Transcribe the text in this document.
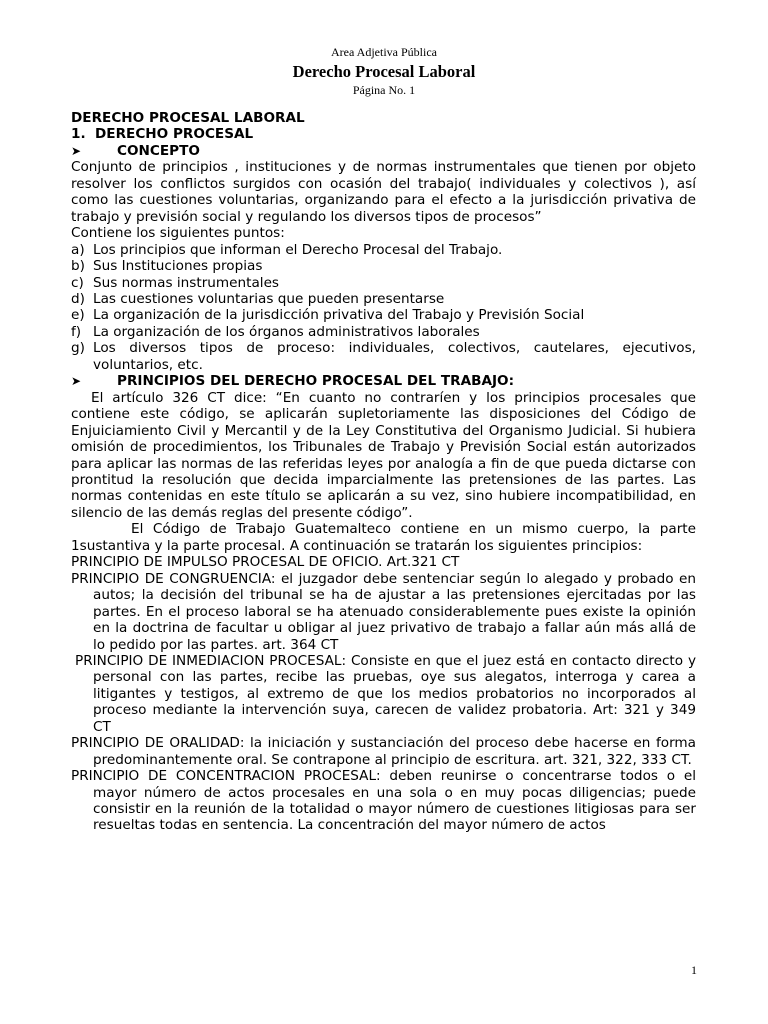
Area Adjetiva Pública
Derecho Procesal Laboral
Página No. 1

DERECHO PROCESAL LABORAL

1. DERECHO PROCESAL

➤	CONCEPTO

Conjunto de principios , instituciones y de normas instrumentales que tienen por objeto resolver los conflictos surgidos con ocasión del trabajo( individuales y colectivos ), así como las cuestiones voluntarias, organizando para el efecto a la jurisdicción privativa de trabajo y previsión social y regulando los diversos tipos de procesos”

Contiene los siguientes puntos:

a) Los principios que informan el Derecho Procesal del Trabajo.
b) Sus Instituciones propias
c) Sus normas instrumentales
d) Las cuestiones voluntarias que pueden presentarse
e) La organización de la jurisdicción privativa del Trabajo y Previsión Social
f) La organización de los órganos administrativos laborales
g) Los diversos tipos de proceso: individuales, colectivos, cautelares, ejecutivos, voluntarios, etc.

➤	PRINCIPIOS DEL DERECHO PROCESAL DEL TRABAJO:

El artículo 326 CT dice: “En cuanto no contraríen y los principios procesales que contiene este código, se aplicarán supletoriamente las disposiciones del Código de Enjuiciamiento Civil y Mercantil y de la Ley Constitutiva del Organismo Judicial. Si hubiera omisión de procedimientos, los Tribunales de Trabajo y Previsión Social están autorizados para aplicar las normas de las referidas leyes por analogía a fin de que pueda dictarse con prontitud la resolución que decida imparcialmente las pretensiones de las partes. Las normas contenidas en este título se aplicarán a su vez, sino hubiere incompatibilidad, en silencio de las demás reglas del presente código”.

El Código de Trabajo Guatemalteco contiene en un mismo cuerpo, la parte 1sustantiva y la parte procesal. A continuación se tratarán los siguientes principios:

PRINCIPIO DE IMPULSO PROCESAL DE OFICIO. Art.321 CT

PRINCIPIO DE CONGRUENCIA: el juzgador debe sentenciar según lo alegado y probado en autos; la decisión del tribunal se ha de ajustar a las pretensiones ejercitadas por las partes. En el proceso laboral se ha atenuado considerablemente pues existe la opinión en la doctrina de facultar u obligar al juez privativo de trabajo a fallar aún más allá de lo pedido por las partes. art. 364 CT

PRINCIPIO DE INMEDIACION PROCESAL: Consiste en que el juez está en contacto directo y personal con las partes, recibe las pruebas, oye sus alegatos, interroga y carea a litigantes y testigos, al extremo de que los medios probatorios no incorporados al proceso mediante la intervención suya, carecen de validez probatoria. Art: 321 y 349 CT

PRINCIPIO DE ORALIDAD: la iniciación y sustanciación del proceso debe hacerse en forma predominantemente oral. Se contrapone al principio de escritura. art. 321, 322, 333 CT.

PRINCIPIO DE CONCENTRACION PROCESAL: deben reunirse o concentrarse todos o el mayor número de actos procesales en una sola o en muy pocas diligencias; puede consistir en la reunión de la totalidad o mayor número de cuestiones litigiosas para ser resueltas todas en sentencia. La concentración del mayor número de actos

1
